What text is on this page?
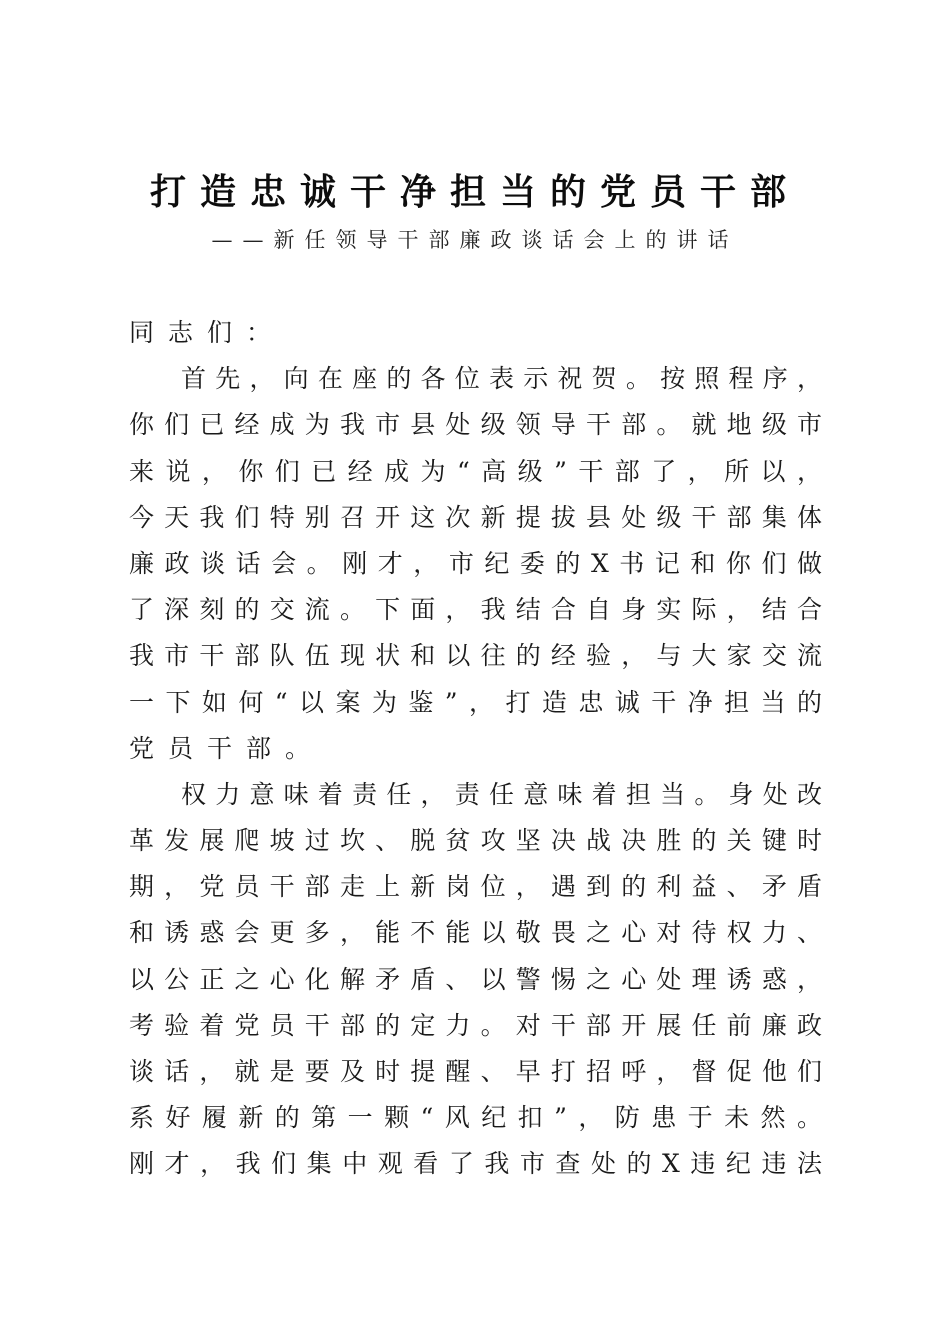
打造忠诚干净担当的党员干部
——新任领导干部廉政谈话会上的讲话
同志们：
首先，向在座的各位表示祝贺。按照程序，
你们已经成为我市县处级领导干部。就地级市
来说，你们已经成为“高级”干部了，所以，
今天我们特别召开这次新提拔县处级干部集体
廉政谈话会。刚才，市纪委的X书记和你们做
了深刻的交流。下面，我结合自身实际，结合
我市干部队伍现状和以往的经验，与大家交流
一下如何“以案为鉴”，打造忠诚干净担当的
党员干部。
权力意味着责任，责任意味着担当。身处改
革发展爬坡过坎、脱贫攻坚决战决胜的关键时
期，党员干部走上新岗位，遇到的利益、矛盾
和诱惑会更多，能不能以敬畏之心对待权力、
以公正之心化解矛盾、以警惕之心处理诱惑，
考验着党员干部的定力。对干部开展任前廉政
谈话，就是要及时提醒、早打招呼，督促他们
系好履新的第一颗“风纪扣”，防患于未然。
刚才，我们集中观看了我市查处的X违纪违法
